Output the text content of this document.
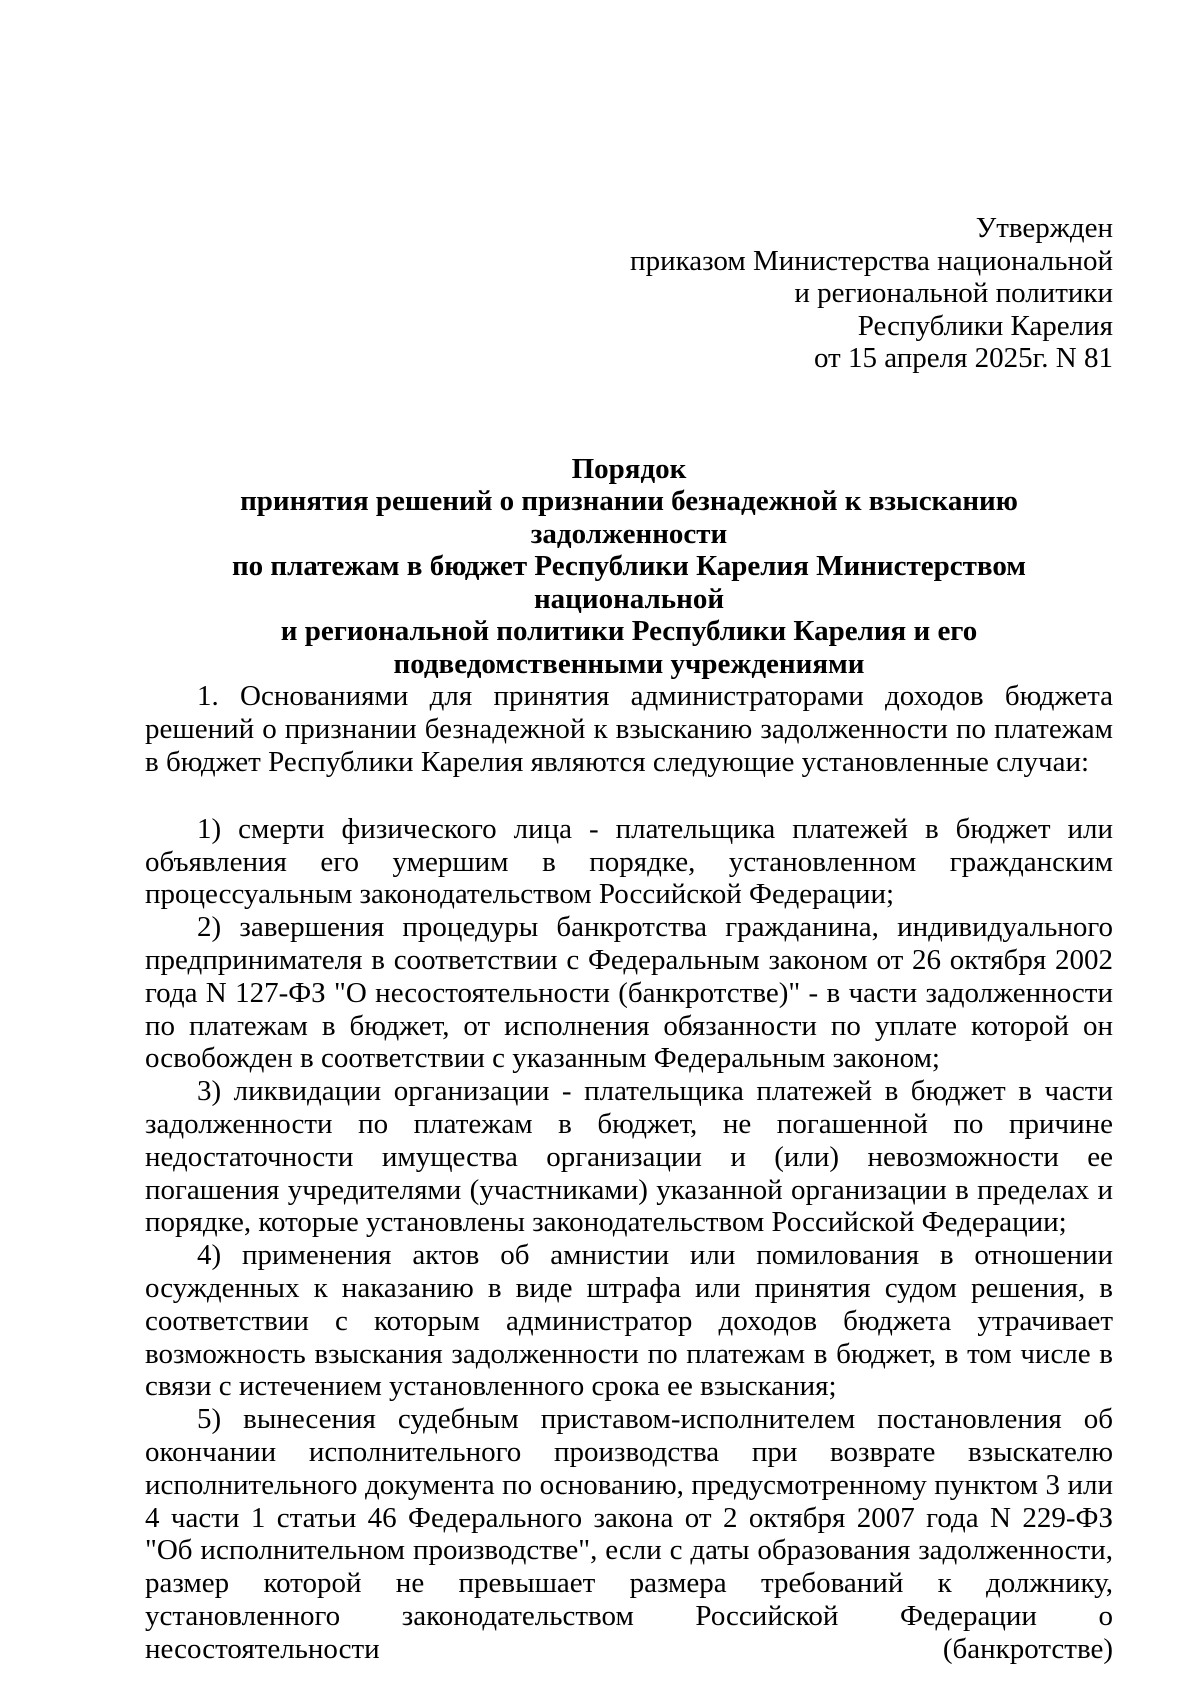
Утвержден
приказом Министерства национальной
и региональной политики
Республики Карелия
от 15 апреля 2025г. N 81
Порядок
принятия решений о признании безнадежной к взысканию задолженности
по платежам в бюджет Республики Карелия Министерством национальной
и региональной политики Республики Карелия и его
подведомственными учреждениями

1. Основаниями для принятия администраторами доходов бюджета решений о признании безнадежной к взысканию задолженности по платежам в бюджет Республики Карелия являются следующие установленные случаи:

1) смерти физического лица - плательщика платежей в бюджет или объявления его умершим в порядке, установленном гражданским процессуальным законодательством Российской Федерации;

2) завершения процедуры банкротства гражданина, индивидуального предпринимателя в соответствии с Федеральным законом от 26 октября 2002 года N 127-ФЗ "О несостоятельности (банкротстве)" - в части задолженности по платежам в бюджет, от исполнения обязанности по уплате которой он освобожден в соответствии с указанным Федеральным законом;

3) ликвидации организации - плательщика платежей в бюджет в части задолженности по платежам в бюджет, не погашенной по причине недостаточности имущества организации и (или) невозможности ее погашения учредителями (участниками) указанной организации в пределах и порядке, которые установлены законодательством Российской Федерации;

4) применения актов об амнистии или помилования в отношении осужденных к наказанию в виде штрафа или принятия судом решения, в соответствии с которым администратор доходов бюджета утрачивает возможность взыскания задолженности по платежам в бюджет, в том числе в связи с истечением установленного срока ее взыскания;

5) вынесения судебным приставом-исполнителем постановления об окончании исполнительного производства при возврате взыскателю исполнительного документа по основанию, предусмотренному пунктом 3 или 4 части 1 статьи 46 Федерального закона от 2 октября 2007 года N 229-ФЗ "Об исполнительном производстве", если с даты образования задолженности, размер которой не превышает размера требований к должнику, установленного законодательством Российской Федерации о несостоятельности (банкротстве)
